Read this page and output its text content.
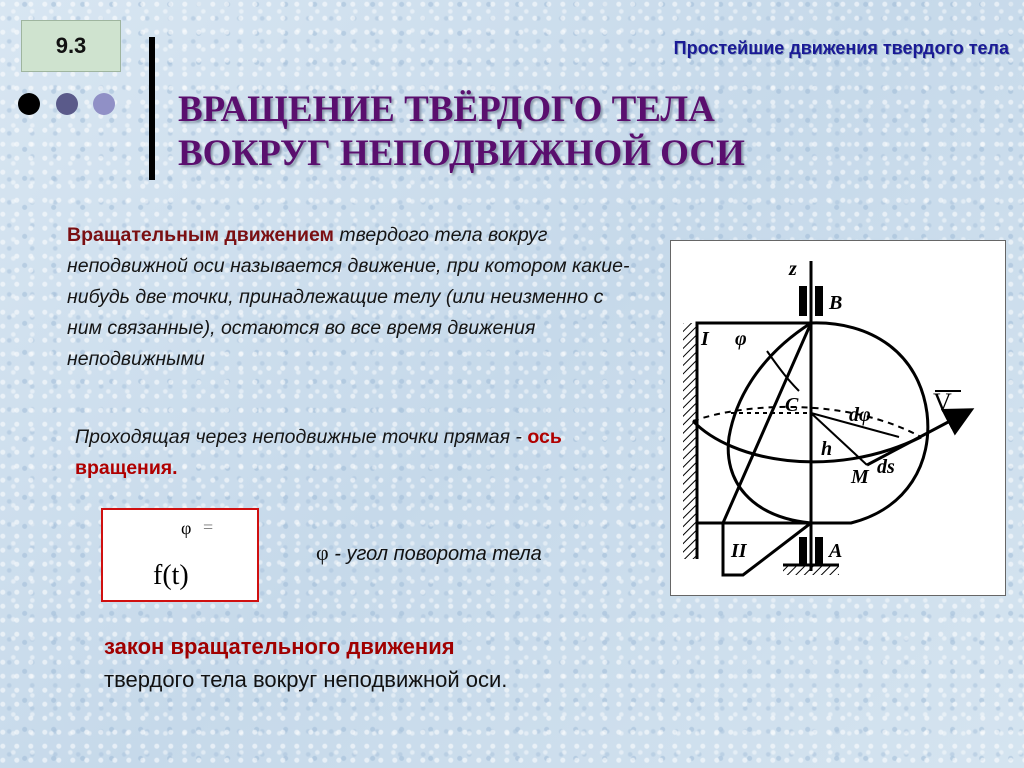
9.3	Простейшие движения твердого тела
ВРАЩЕНИЕ ТВЁРДОГО ТЕЛА
ВОКРУГ НЕПОДВИЖНОЙ ОСИ
Вращательным движением твердого тела вокруг неподвижной оси называется движение, при котором какие-нибудь две точки, принадлежащие телу (или неизменно с ним связанные), остаются во все время движения неподвижными
Проходящая через неподвижные точки прямая - ось вращения.
φ =
f(t)
φ - угол поворота тела
закон вращательного движения
твердого тела вокруг неподвижной оси.
z
B
A
C
M
h
V
φ
dφ
ds
I
II
